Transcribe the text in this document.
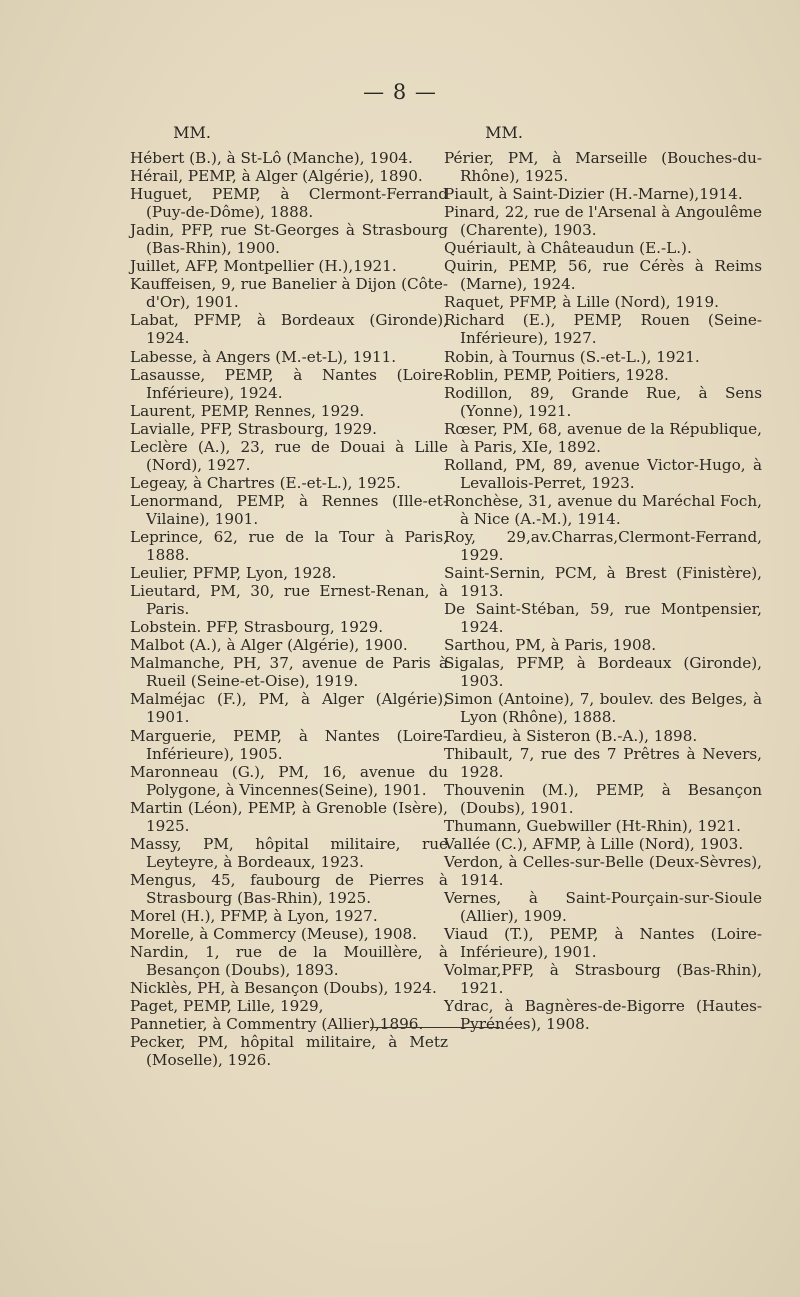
— 8 —
MM.

Hébert (B.), à St-Lô (Manche), 1904.

Hérail, PEMP, à Alger (Algérie), 1890.

Huguet, PEMP, à Clermont-Ferrand (Puy-de-Dôme), 1888.

Jadin, PFP, rue St-Georges à Strasbourg (Bas-Rhin), 1900.

Juillet, AFP, Montpellier (H.),1921.

Kauffeisen, 9, rue Banelier à Dijon (Côte-d'Or), 1901.

Labat, PFMP, à Bordeaux (Gironde), 1924.

Labesse, à Angers (M.-et-L), 1911.

Lasausse, PEMP, à Nantes (Loire-Inférieure), 1924.

Laurent, PEMP, Rennes, 1929.

Lavialle, PFP, Strasbourg, 1929.

Leclère (A.), 23, rue de Douai à Lille (Nord), 1927.

Legeay, à Chartres (E.-et-L.), 1925.

Lenormand, PEMP, à Rennes (Ille-et-Vilaine), 1901.

Leprince, 62, rue de la Tour à Paris, 1888.

Leulier, PFMP, Lyon, 1928.

Lieutard, PM, 30, rue Ernest-Renan, à Paris.

Lobstein. PFP, Strasbourg, 1929.

Malbot (A.), à Alger (Algérie), 1900.

Malmanche, PH, 37, avenue de Paris à Rueil (Seine-et-Oise), 1919.

Malméjac (F.), PM, à Alger (Algérie), 1901.

Marguerie, PEMP, à Nantes (Loire-Inférieure), 1905.

Maronneau (G.), PM, 16, avenue du Polygone, à Vincennes(Seine), 1901.

Martin (Léon), PEMP, à Grenoble (Isère), 1925.

Massy, PM, hôpital militaire, rue Leyteyre, à Bordeaux, 1923.

Mengus, 45, faubourg de Pierres à Strasbourg (Bas-Rhin), 1925.

Morel (H.), PFMP, à Lyon, 1927.

Morelle, à Commercy (Meuse), 1908.

Nardin, 1, rue de la Mouillère, à Besançon (Doubs), 1893.

Nicklès, PH, à Besançon (Doubs), 1924.

Paget, PEMP, Lille, 1929,

Pannetier, à Commentry (Allier),1896.

Pecker, PM, hôpital militaire, à Metz (Moselle), 1926.

MM.

Périer, PM, à Marseille (Bouches-du-Rhône), 1925.

Piault, à Saint-Dizier (H.-Marne),1914.

Pinard, 22, rue de l'Arsenal à Angoulême (Charente), 1903.

Quériault, à Châteaudun (E.-L.).

Quirin, PEMP, 56, rue Cérès à Reims (Marne), 1924.

Raquet, PFMP, à Lille (Nord), 1919.

Richard (E.), PEMP, Rouen (Seine-Inférieure), 1927.

Robin, à Tournus (S.-et-L.), 1921.

Roblin, PEMP, Poitiers, 1928.

Rodillon, 89, Grande Rue, à Sens (Yonne), 1921.

Rœser, PM, 68, avenue de la République, à Paris, XIe, 1892.

Rolland, PM, 89, avenue Victor-Hugo, à Levallois-Perret, 1923.

Ronchèse, 31, avenue du Maréchal Foch, à Nice (A.-M.), 1914.

Roy, 29,av.Charras,Clermont-Ferrand, 1929.

Saint-Sernin, PCM, à Brest (Finistère), 1913.

De Saint-Stéban, 59, rue Montpensier, 1924.

Sarthou, PM, à Paris, 1908.

Sigalas, PFMP, à Bordeaux (Gironde), 1903.

Simon (Antoine), 7, boulev. des Belges, à Lyon (Rhône), 1888.

Tardieu, à Sisteron (B.-A.), 1898.

Thibault, 7, rue des 7 Prêtres à Nevers, 1928.

Thouvenin (M.), PEMP, à Besançon (Doubs), 1901.

Thumann, Guebwiller (Ht-Rhin), 1921.

Vallée (C.), AFMP, à Lille (Nord), 1903.

Verdon, à Celles-sur-Belle (Deux-Sèvres), 1914.

Vernes, à Saint-Pourçain-sur-Sioule (Allier), 1909.

Viaud (T.), PEMP, à Nantes (Loire-Inférieure), 1901.

Volmar,PFP, à Strasbourg (Bas-Rhin), 1921.

Ydrac, à Bagnères-de-Bigorre (Hautes-Pyrénées), 1908.
